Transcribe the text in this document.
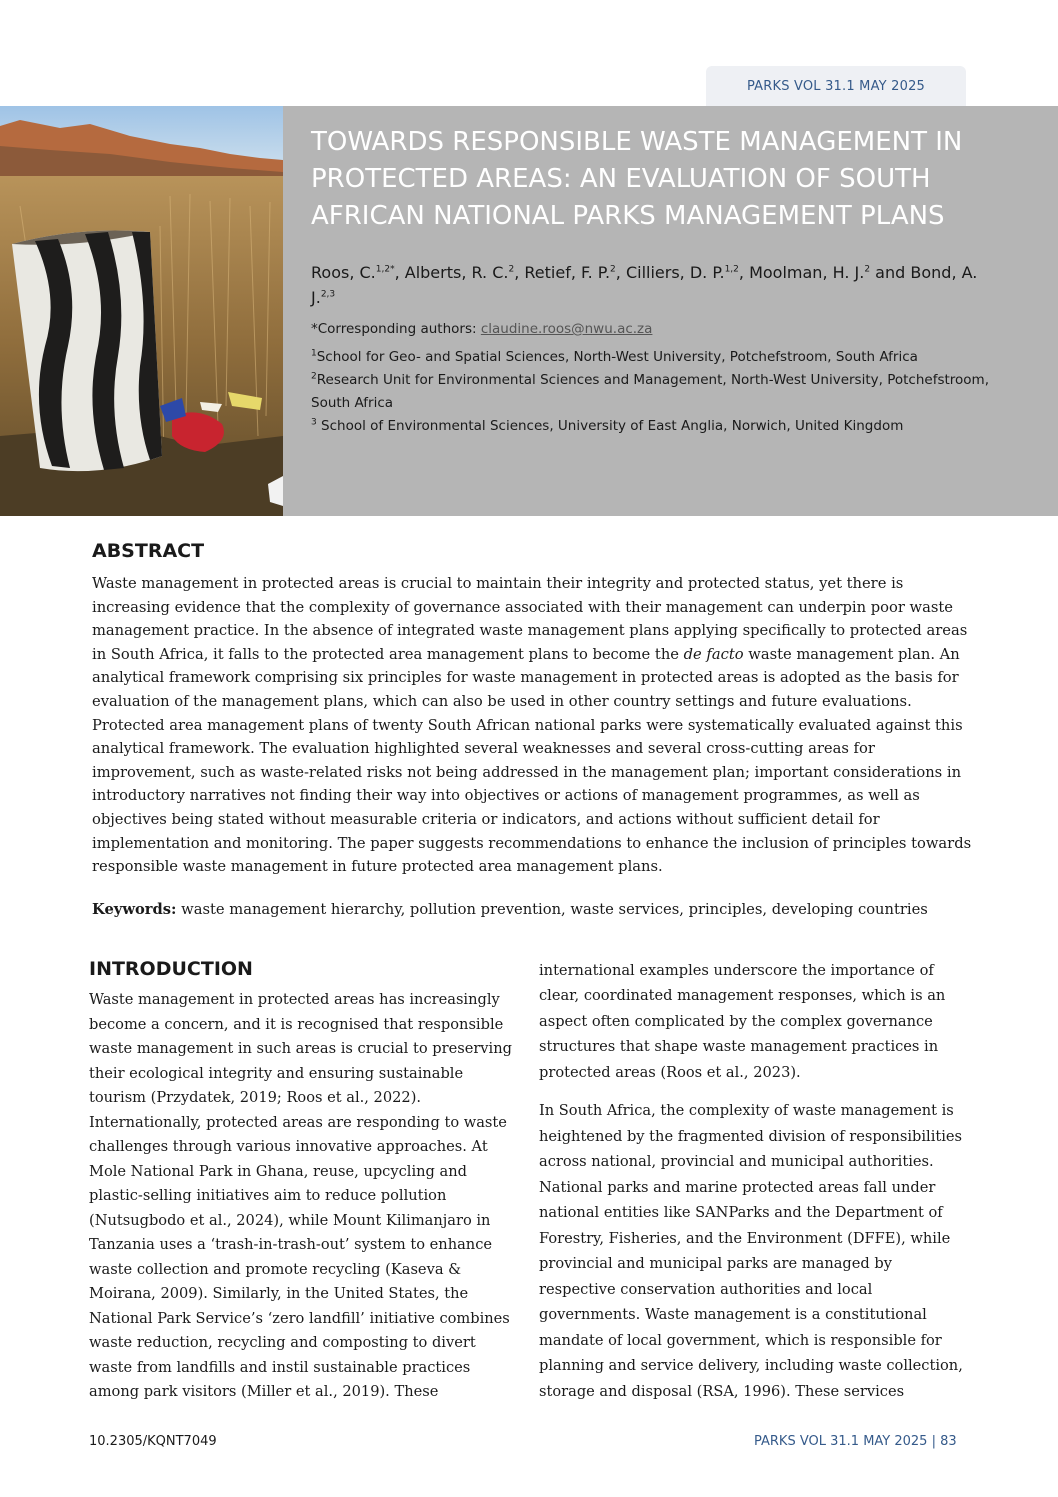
PARKS VOL 31.1 MAY 2025
TOWARDS RESPONSIBLE WASTE MANAGEMENT IN PROTECTED AREAS: AN EVALUATION OF SOUTH AFRICAN NATIONAL PARKS MANAGEMENT PLANS
Roos, C.$^{1,2*}$, Alberts, R. C.$^2$, Retief, F. P.$^2$, Cilliers, D. P.$^{1,2}$, Moolman, H. J.$^2$ and Bond, A. J.$^{2,3}$
*Corresponding authors: claudine.roos@nwu.ac.za
$^1$School for Geo- and Spatial Sciences, North-West University, Potchefstroom, South Africa
$^2$Research Unit for Environmental Sciences and Management, North-West University, Potchefstroom, South Africa
$^3$ School of Environmental Sciences, University of East Anglia, Norwich, United Kingdom
ABSTRACT

Waste management in protected areas is crucial to maintain their integrity and protected status, yet there is increasing evidence that the complexity of governance associated with their management can underpin poor waste management practice. In the absence of integrated waste management plans applying specifically to protected areas in South Africa, it falls to the protected area management plans to become the de facto waste management plan. An analytical framework comprising six principles for waste management in protected areas is adopted as the basis for evaluation of the management plans, which can also be used in other country settings and future evaluations. Protected area management plans of twenty South African national parks were systematically evaluated against this analytical framework. The evaluation highlighted several weaknesses and several cross-cutting areas for improvement, such as waste-related risks not being addressed in the management plan; important considerations in introductory narratives not finding their way into objectives or actions of management programmes, as well as objectives being stated without measurable criteria or indicators, and actions without sufficient detail for implementation and monitoring. The paper suggests recommendations to enhance the inclusion of principles towards responsible waste management in future protected area management plans.

Keywords: waste management hierarchy, pollution prevention, waste services, principles, developing countries

INTRODUCTION

Waste management in protected areas has increasingly become a concern, and it is recognised that responsible waste management in such areas is crucial to preserving their ecological integrity and ensuring sustainable tourism (Przydatek, 2019; Roos et al., 2022). Internationally, protected areas are responding to waste challenges through various innovative approaches. At Mole National Park in Ghana, reuse, upcycling and plastic-selling initiatives aim to reduce pollution (Nutsugbodo et al., 2024), while Mount Kilimanjaro in Tanzania uses a ‘trash-in-trash-out’ system to enhance waste collection and promote recycling (Kaseva & Moirana, 2009). Similarly, in the United States, the National Park Service’s ‘zero landfill’ initiative combines waste reduction, recycling and composting to divert waste from landfills and instil sustainable practices among park visitors (Miller et al., 2019). These

international examples underscore the importance of clear, coordinated management responses, which is an aspect often complicated by the complex governance structures that shape waste management practices in protected areas (Roos et al., 2023).

In South Africa, the complexity of waste management is heightened by the fragmented division of responsibilities across national, provincial and municipal authorities. National parks and marine protected areas fall under national entities like SANParks and the Department of Forestry, Fisheries, and the Environment (DFFE), while provincial and municipal parks are managed by respective conservation authorities and local governments. Waste management is a constitutional mandate of local government, which is responsible for planning and service delivery, including waste collection, storage and disposal (RSA, 1996). These services

10.2305/KQNT7049	PARKS VOL 31.1 MAY 2025 | 83
